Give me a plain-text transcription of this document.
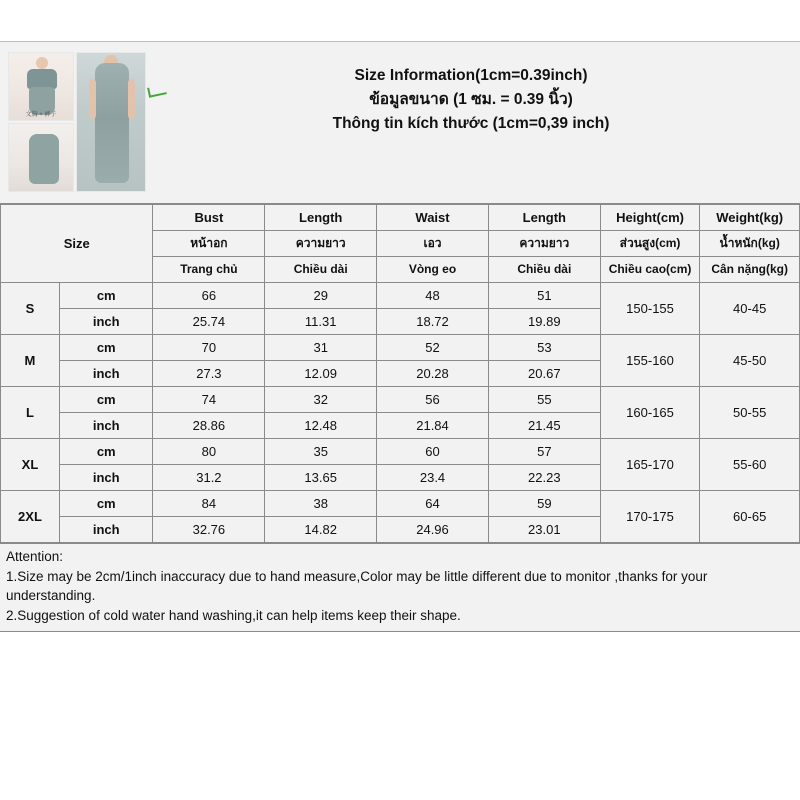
文胸 + 裤子
Size Information(1cm=0.39inch)
ข้อมูลขนาด (1 ซม. = 0.39 นิ้ว)
Thông tin kích thước (1cm=0,39 inch)
Size		Bust	Length	Waist	Length	Height(cm)	Weight(kg)
		หน้าอก	ความยาว	เอว	ความยาว	ส่วนสูง(cm)	น้ำหนัก(kg)
		Trang chủ	Chiều dài	Vòng eo	Chiều dài	Chiều cao(cm)	Cân nặng(kg)
S	cm	66	29	48	51	150-155	40-45
	inch	25.74	11.31	18.72	19.89		
M	cm	70	31	52	53	155-160	45-50
	inch	27.3	12.09	20.28	20.67		
L	cm	74	32	56	55	160-165	50-55
	inch	28.86	12.48	21.84	21.45		
XL	cm	80	35	60	57	165-170	55-60
	inch	31.2	13.65	23.4	22.23		
2XL	cm	84	38	64	59	170-175	60-65
	inch	32.76	14.82	24.96	23.01		

Attention:

1.Size may be 2cm/1inch inaccuracy due to hand measure,Color may be little different due to monitor ,thanks for your

understanding.

2.Suggestion of cold water hand washing,it can help items keep their shape.
